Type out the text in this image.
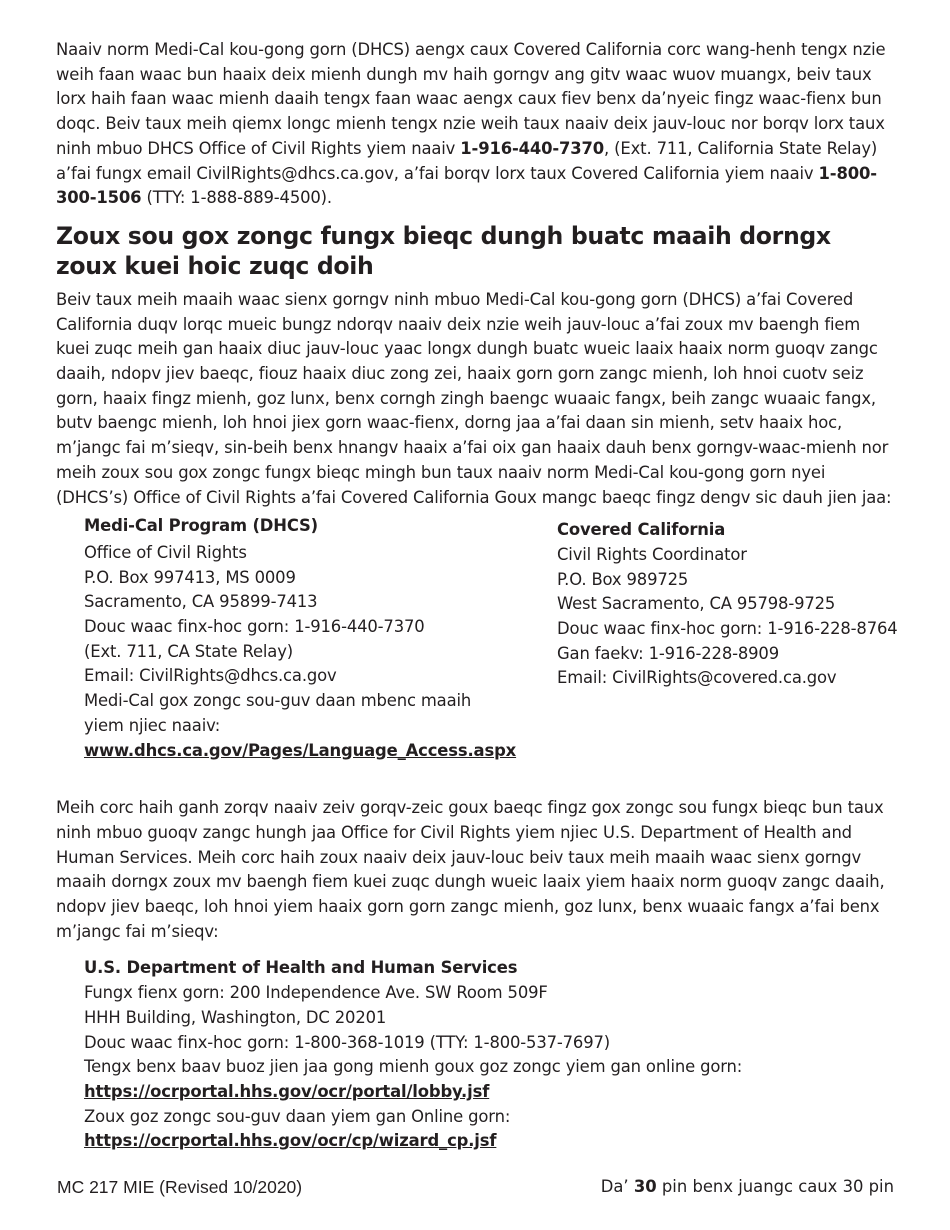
Naaiv norm Medi-Cal kou-gong gorn (DHCS) aengx caux Covered California corc wang-henh tengx nzie weih faan waac bun haaix deix mienh dungh mv haih gorngv ang gitv waac wuov muangx, beiv taux lorx haih faan waac mienh daaih tengx faan waac aengx caux fiev benx da’nyeic fingz waac-fienx bun doqc. Beiv taux meih qiemx longc mienh tengx nzie weih taux naaiv deix jauv-louc nor borqv lorx taux ninh mbuo DHCS Office of Civil Rights yiem naaiv 1-916-440-7370, (Ext. 711, California State Relay) a’fai fungx email CivilRights@dhcs.ca.gov, a’fai borqv lorx taux Covered California yiem naaiv 1-800-300-1506 (TTY: 1-888-889-4500).

Zoux sou gox zongc fungx bieqc dungh buatc maaih dorngx zoux kuei hoic zuqc doih

Beiv taux meih maaih waac sienx gorngv ninh mbuo Medi-Cal kou-gong gorn (DHCS) a’fai Covered California duqv lorqc mueic bungz ndorqv naaiv deix nzie weih jauv-louc a’fai zoux mv baengh fiem kuei zuqc meih gan haaix diuc jauv-louc yaac longx dungh buatc wueic laaix haaix norm guoqv zangc daaih, ndopv jiev baeqc, fiouz haaix diuc zong zei, haaix gorn gorn zangc mienh, loh hnoi cuotv seiz gorn, haaix fingz mienh, goz lunx, benx corngh zingh baengc wuaaic fangx, beih zangc wuaaic fangx, butv baengc mienh, loh hnoi jiex gorn waac-fienx, dorng jaa a’fai daan sin mienh, setv haaix hoc, m’jangc fai m’sieqv, sin-beih benx hnangv haaix a’fai oix gan haaix dauh benx gorngv-waac-mienh nor meih zoux sou gox zongc fungx bieqc mingh bun taux naaiv norm Medi-Cal kou-gong gorn nyei (DHCS’s) Office of Civil Rights a’fai Covered California Goux mangc baeqc fingz dengv sic dauh jien jaa:

Medi-Cal Program (DHCS)
Office of Civil Rights
P.O. Box 997413, MS 0009
Sacramento, CA 95899-7413
Douc waac finx-hoc gorn: 1-916-440-7370
(Ext. 711, CA State Relay)
Email: CivilRights@dhcs.ca.gov
Medi-Cal gox zongc sou-guv daan mbenc maaih
yiem njiec naaiv:
www.dhcs.ca.gov/Pages/Language_Access.aspx
Covered California
Civil Rights Coordinator
P.O. Box 989725
West Sacramento, CA 95798-9725
Douc waac finx-hoc gorn: 1-916-228-8764
Gan faekv: 1-916-228-8909
Email: CivilRights@covered.ca.gov

Meih corc haih ganh zorqv naaiv zeiv gorqv-zeic goux baeqc fingz gox zongc sou fungx bieqc bun taux ninh mbuo guoqv zangc hungh jaa Office for Civil Rights yiem njiec U.S. Department of Health and Human Services. Meih corc haih zoux naaiv deix jauv-louc beiv taux meih maaih waac sienx gorngv maaih dorngx zoux mv baengh fiem kuei zuqc dungh wueic laaix yiem haaix norm guoqv zangc daaih, ndopv jiev baeqc, loh hnoi yiem haaix gorn gorn zangc mienh, goz lunx, benx wuaaic fangx a’fai benx m’jangc fai m’sieqv:

U.S. Department of Health and Human Services
Fungx fienx gorn: 200 Independence Ave. SW Room 509F
HHH Building, Washington, DC 20201
Douc waac finx-hoc gorn: 1-800-368-1019 (TTY: 1-800-537-7697)
Tengx benx baav buoz jien jaa gong mienh goux goz zongc yiem gan online gorn:
https://ocrportal.hhs.gov/ocr/portal/lobby.jsf
Zoux goz zongc sou-guv daan yiem gan Online gorn:
https://ocrportal.hhs.gov/ocr/cp/wizard_cp.jsf
MC 217 MIE (Revised 10/2020)	Da’ 30 pin benx juangc caux 30 pin
